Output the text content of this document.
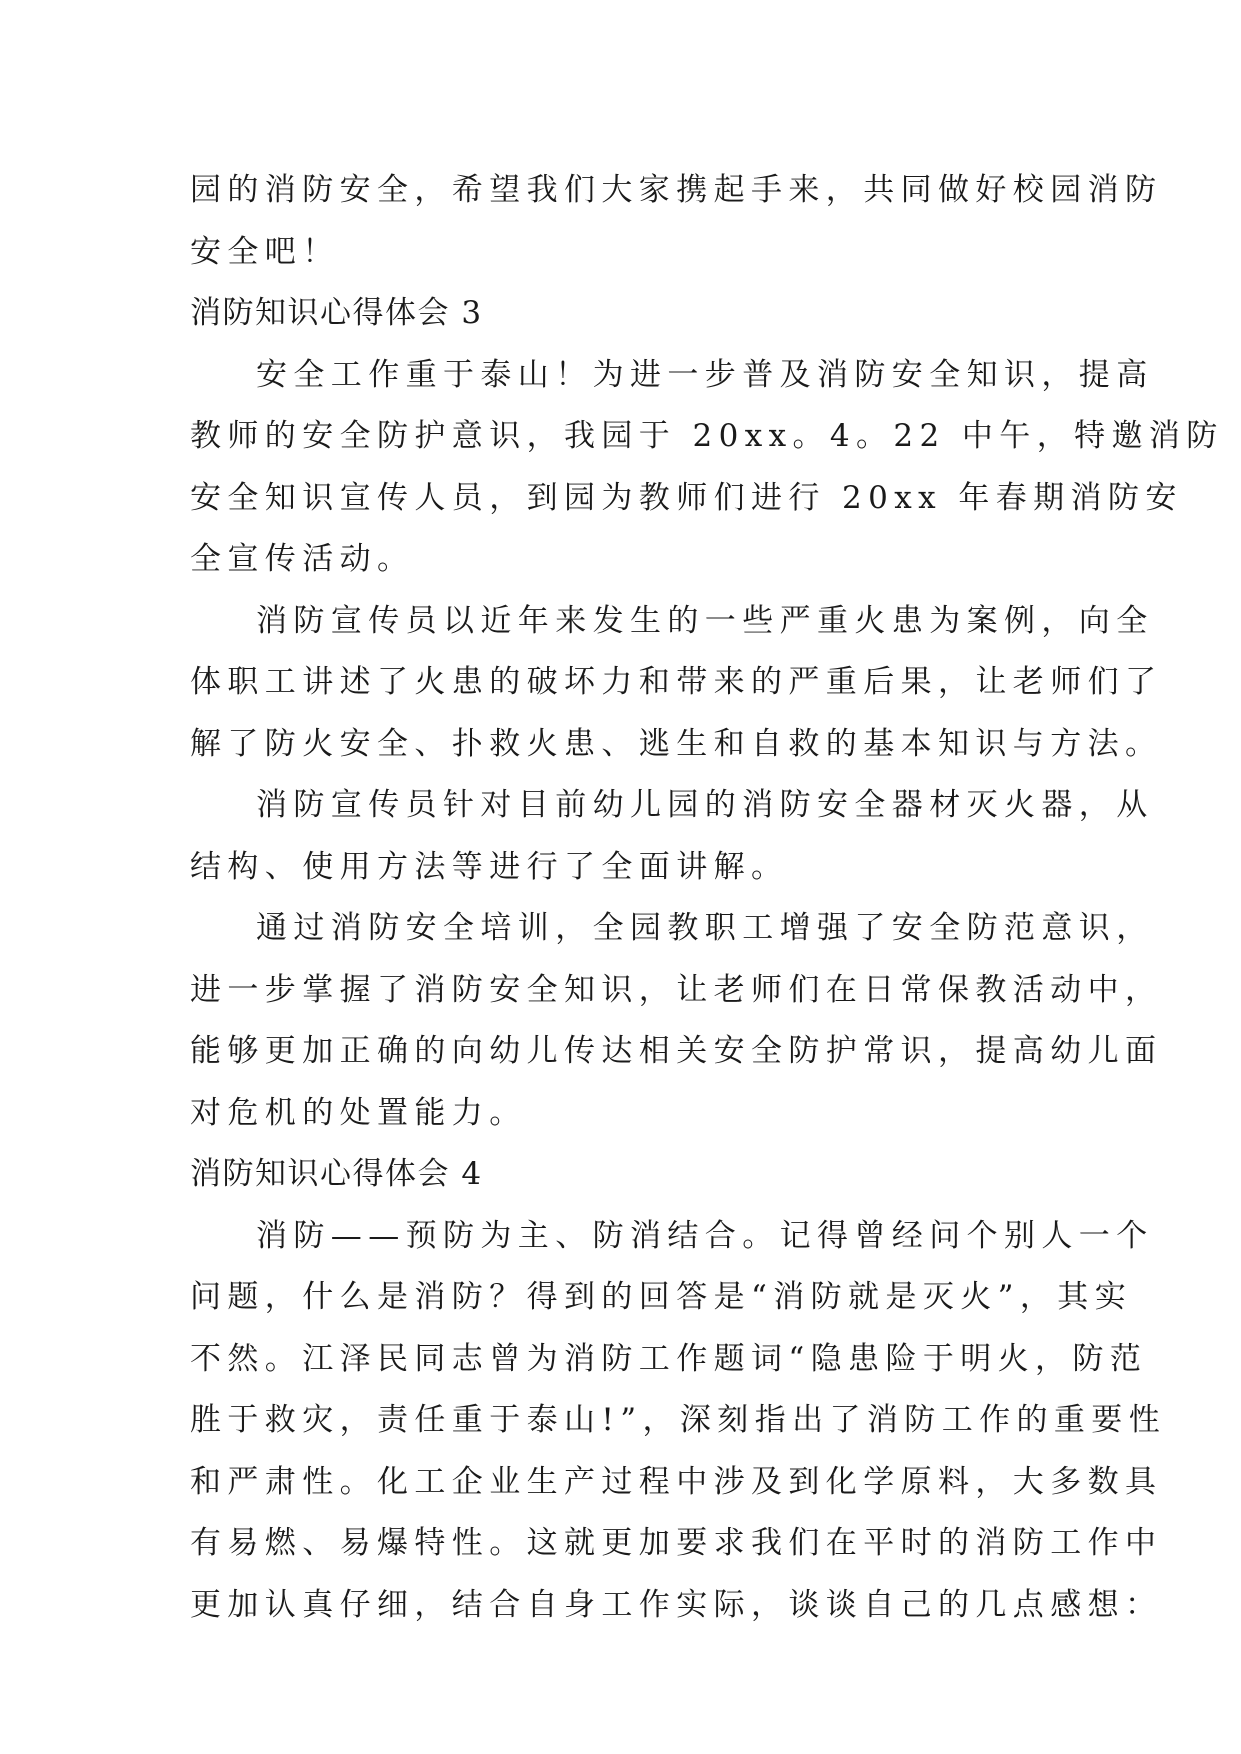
园的消防安全，希望我们大家携起手来，共同做好校园消防
安全吧！
消防知识心得体会 3
安全工作重于泰山！为进一步普及消防安全知识，提高
教师的安全防护意识，我园于 20xx。4。22 中午，特邀消防
安全知识宣传人员，到园为教师们进行 20xx 年春期消防安
全宣传活动。
消防宣传员以近年来发生的一些严重火患为案例，向全
体职工讲述了火患的破坏力和带来的严重后果，让老师们了
解了防火安全、扑救火患、逃生和自救的基本知识与方法。
消防宣传员针对目前幼儿园的消防安全器材灭火器，从
结构、使用方法等进行了全面讲解。
通过消防安全培训，全园教职工增强了安全防范意识，
进一步掌握了消防安全知识，让老师们在日常保教活动中，
能够更加正确的向幼儿传达相关安全防护常识，提高幼儿面
对危机的处置能力。
消防知识心得体会 4
消防——预防为主、防消结合。记得曾经问个别人一个
问题，什么是消防？得到的回答是“消防就是灭火”，其实
不然。江泽民同志曾为消防工作题词“隐患险于明火，防范
胜于救灾，责任重于泰山!”，深刻指出了消防工作的重要性
和严肃性。化工企业生产过程中涉及到化学原料，大多数具
有易燃、易爆特性。这就更加要求我们在平时的消防工作中
更加认真仔细，结合自身工作实际，谈谈自己的几点感想：
